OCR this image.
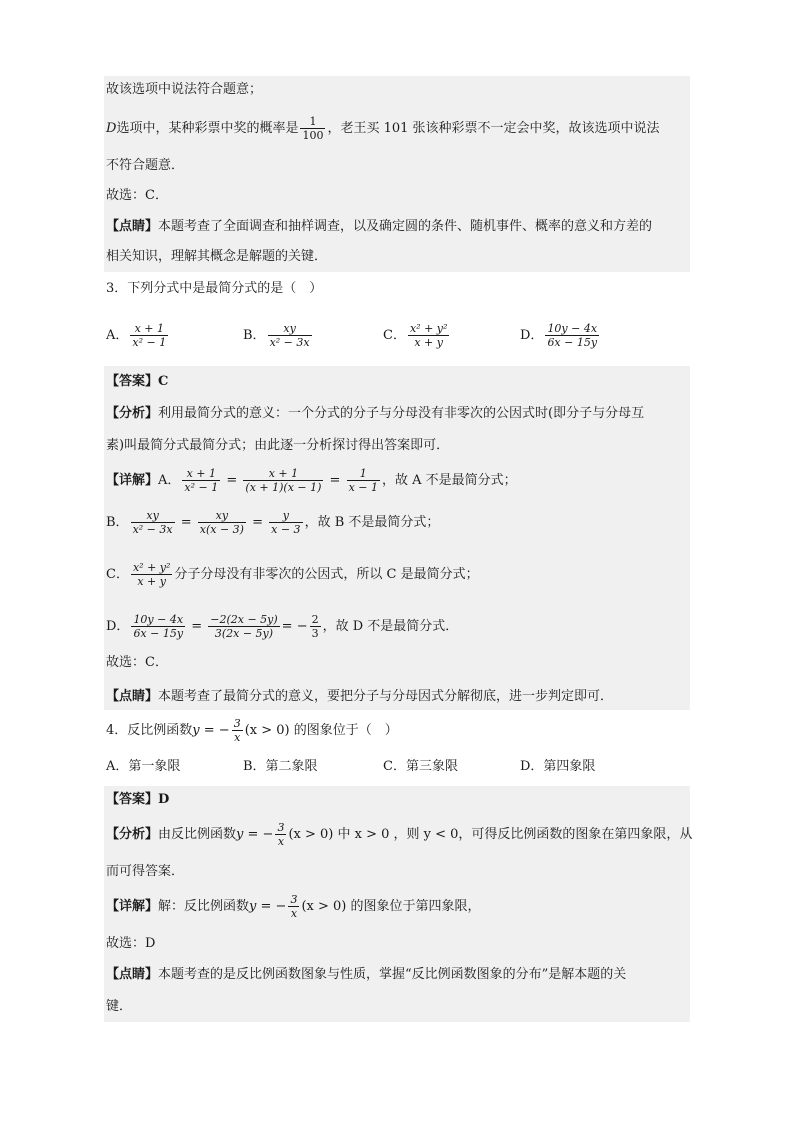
故该选项中说法符合题意；
D选项中，某种彩票中奖的概率是 $\frac{1}{100}$ ，老王买 101 张该种彩票不一定会中奖，故该选项中说法
不符合题意．
故选：C．
【点睛】本题考查了全面调查和抽样调查，以及确定圆的条件、随机事件、概率的意义和方差的
相关知识，理解其概念是解题的关键．
3．下列分式中是最简分式的是（　）
A． $\frac{x + 1}{\text{x² − 1}}$	B． $\frac{xy}{\text{x² − 3x}}$	C． $\frac{\text{x² + y²}}{x + y}$	D． $\frac{10y - 4x}{6x - 15y}$
【答案】C
【分析】利用最简分式的意义：一个分式的分子与分母没有非零次的公因式时(即分子与分母互
素)叫最简分式最简分式；由此逐一分析探讨得出答案即可．
【详解】A． $\frac{x + 1}{\text{x² − 1}} = \frac{x + 1}{(x + 1)(x - 1)} = \frac{1}{x - 1}$ ，故 A 不是最简分式；
B． $\frac{xy}{\text{x² − 3x}} = \frac{xy}{x(x - 3)} = \frac{y}{x - 3}$ ，故 B 不是最简分式；
C． $\frac{\text{x² + y²}}{x + y}$ 分子分母没有非零次的公因式，所以 C 是最简分式；
D． $\frac{10y - 4x}{6x - 15y} = \frac{-2(2x - 5y)}{3(2x - 5y)}$ = − $\frac{2}{3}$ ，故 D 不是最简分式．
故选：C．
【点睛】本题考查了最简分式的意义，要把分子与分母因式分解彻底，进一步判定即可．
4．反比例函数y = − $\frac{3}{x} (x > 0)$ 的图象位于（　）
A．第一象限	B．第二象限	C．第三象限	D．第四象限
【答案】D
【分析】由反比例函数y = − $\frac{3}{x} (x > 0)$ 中 x > 0 ，则 y < 0，可得反比例函数的图象在第四象限，从
而可得答案．
【详解】解：反比例函数y = − $\frac{3}{x} (x > 0)$ 的图象位于第四象限，
故选：D
【点睛】本题考查的是反比例函数图象与性质，掌握“反比例函数图象的分布”是解本题的关
键．
